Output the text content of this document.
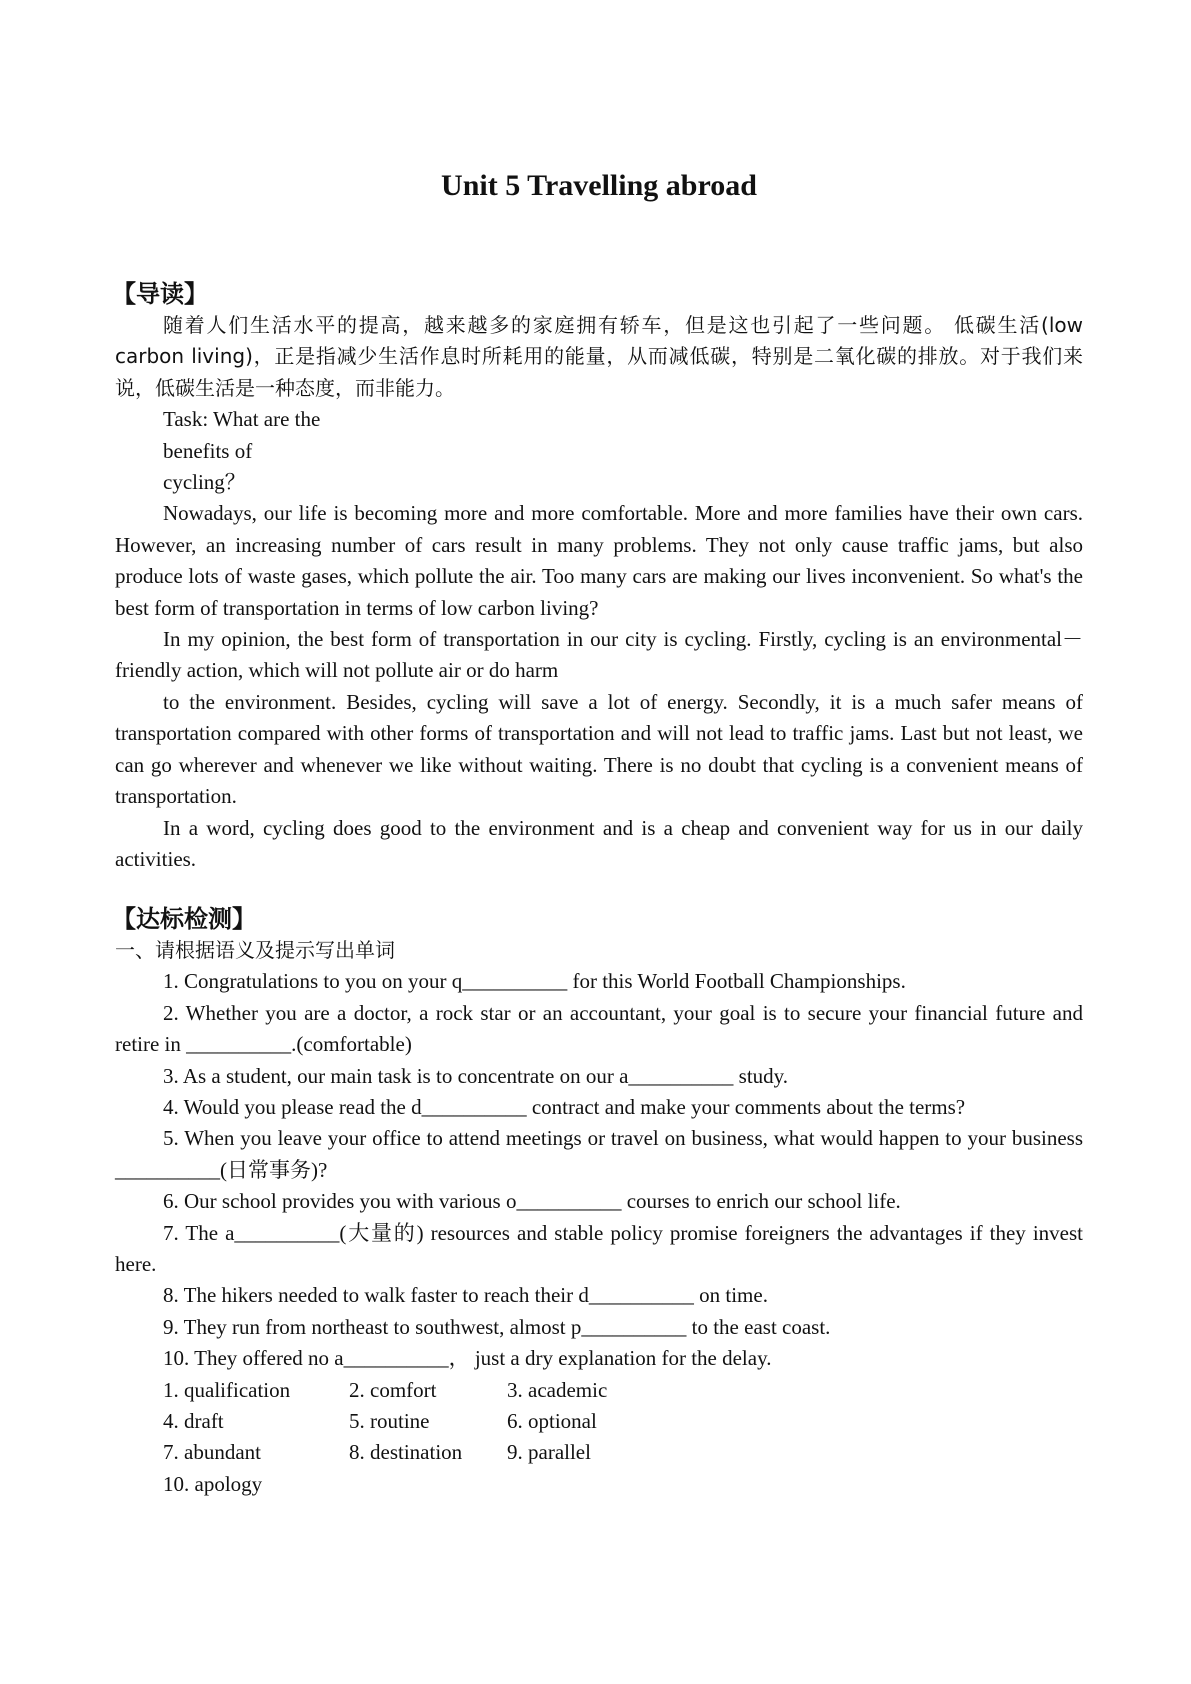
Unit 5 Travelling abroad
【导读】

随着人们生活水平的提高，越来越多的家庭拥有轿车，但是这也引起了一些问题。 低碳生活(low carbon living)，正是指减少生活作息时所耗用的能量，从而减低碳，特别是二氧化碳的排放。对于我们来说，低碳生活是一种态度，而非能力。

Task: What are the
benefits of
cycling？

Nowadays, our life is becoming more and more comfortable. More and more families have their own cars. However, an increasing number of cars result in many problems. They not only cause traffic jams, but also produce lots of waste gases, which pollute the air. Too many cars are making our lives inconvenient. So what's the best form of transportation in terms of low carbon living?

In my opinion, the best form of transportation in our city is cycling. Firstly, cycling is an environmental－friendly action, which will not pollute air or do harm

to the environment. Besides, cycling will save a lot of energy. Secondly, it is a much safer means of transportation compared with other forms of transportation and will not lead to traffic jams. Last but not least, we can go wherever and whenever we like without waiting. There is no doubt that cycling is a convenient means of transportation.

In a word, cycling does good to the environment and is a cheap and convenient way for us in our daily activities.

【达标检测】
一、请根据语义及提示写出单词
1. Congratulations to you on your q__________ for this World Football Championships.
2. Whether you are a doctor, a rock star or an accountant, your goal is to secure your financial future and retire in __________.(comfortable)
3. As a student, our main task is to concentrate on our a__________ study.
4. Would you please read the d__________ contract and make your comments about the terms?
5. When you leave your office to attend meetings or travel on business, what would happen to your business __________(日常事务)?
6. Our school provides you with various o__________ courses to enrich our school life.
7. The a__________(大量的) resources and stable policy promise foreigners the advantages if they invest here.
8. The hikers needed to walk faster to reach their d__________ on time.
9. They run from northeast to southwest, almost p__________ to the east coast.
10. They offered no a__________， just a dry explanation for the delay.
1. qualification	2. comfort	3. academic
4. draft	5. routine	6. optional
7. abundant	8. destination	9. parallel
10. apology
